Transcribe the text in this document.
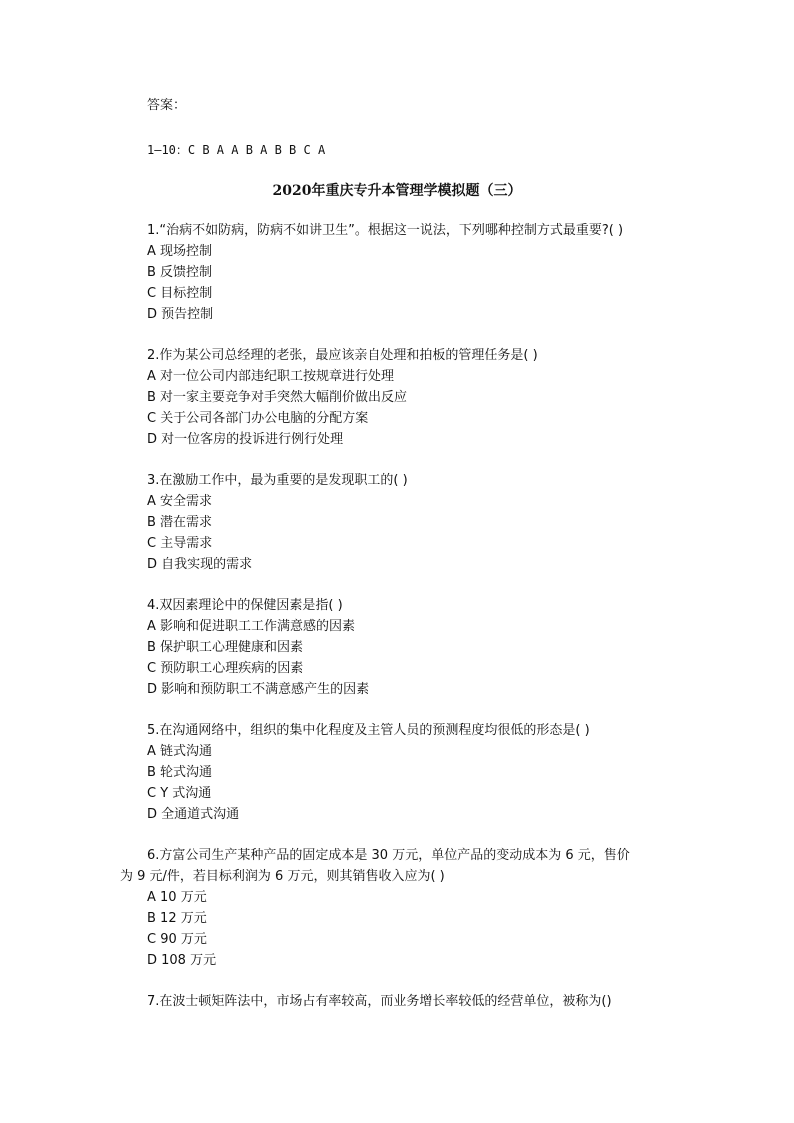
答案：
1—10：C B A A B A B B C A
2020年重庆专升本管理学模拟题（三）
1.“治病不如防病，防病不如讲卫生”。根据这一说法，下列哪种控制方式最重要?( )
A 现场控制
B 反馈控制
C 目标控制
D 预告控制
2.作为某公司总经理的老张，最应该亲自处理和拍板的管理任务是( )
A 对一位公司内部违纪职工按规章进行处理
B 对一家主要竞争对手突然大幅削价做出反应
C 关于公司各部门办公电脑的分配方案
D 对一位客房的投诉进行例行处理
3.在激励工作中，最为重要的是发现职工的( )
A 安全需求
B 潜在需求
C 主导需求
D 自我实现的需求
4.双因素理论中的保健因素是指( )
A 影响和促进职工工作满意感的因素
B 保护职工心理健康和因素
C 预防职工心理疾病的因素
D 影响和预防职工不满意感产生的因素
5.在沟通网络中，组织的集中化程度及主管人员的预测程度均很低的形态是( )
A 链式沟通
B 轮式沟通
C Y 式沟通
D 全通道式沟通
6.方富公司生产某种产品的固定成本是 30 万元，单位产品的变动成本为 6 元，售价
为 9 元/件，若目标利润为 6 万元，则其销售收入应为( )
A 10 万元
B 12 万元
C 90 万元
D 108 万元
7.在波士顿矩阵法中，市场占有率较高，而业务增长率较低的经营单位，被称为()
